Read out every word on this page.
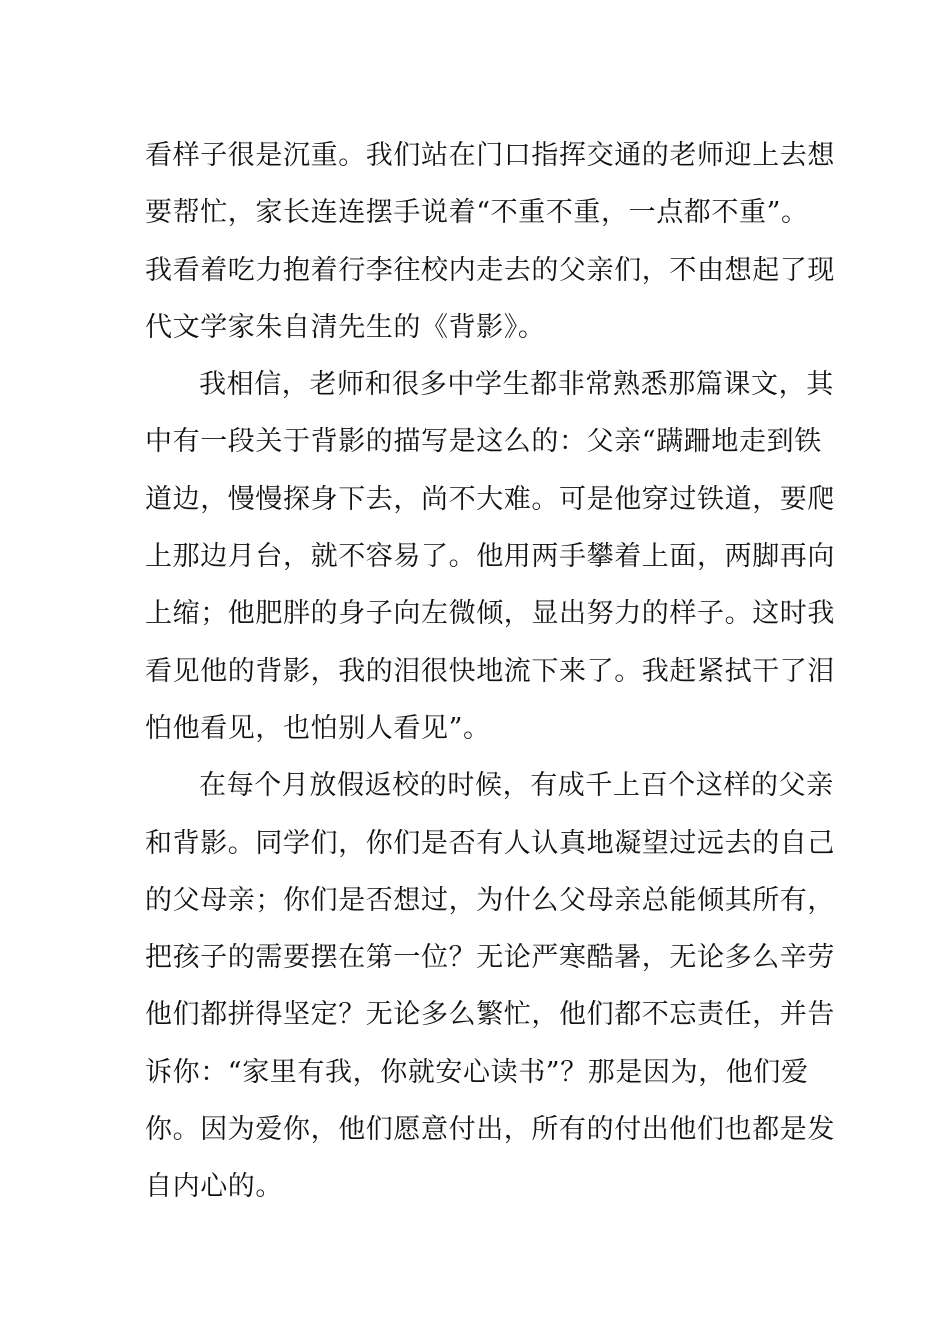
看样子很是沉重。我们站在门口指挥交通的老师迎上去想
要帮忙，家长连连摆手说着“不重不重，一点都不重”。
我看着吃力抱着行李往校内走去的父亲们，不由想起了现
代文学家朱自清先生的《背影》。
我相信，老师和很多中学生都非常熟悉那篇课文，其
中有一段关于背影的描写是这么的：父亲“蹒跚地走到铁
道边，慢慢探身下去，尚不大难。可是他穿过铁道，要爬
上那边月台，就不容易了。他用两手攀着上面，两脚再向
上缩；他肥胖的身子向左微倾，显出努力的样子。这时我
看见他的背影，我的泪很快地流下来了。我赶紧拭干了泪
怕他看见，也怕别人看见”。
在每个月放假返校的时候，有成千上百个这样的父亲
和背影。同学们，你们是否有人认真地凝望过远去的自己
的父母亲；你们是否想过，为什么父母亲总能倾其所有，
把孩子的需要摆在第一位？无论严寒酷暑，无论多么辛劳
他们都拼得坚定？无论多么繁忙，他们都不忘责任，并告
诉你：“家里有我，你就安心读书”？那是因为，他们爱
你。因为爱你，他们愿意付出，所有的付出他们也都是发
自内心的。
